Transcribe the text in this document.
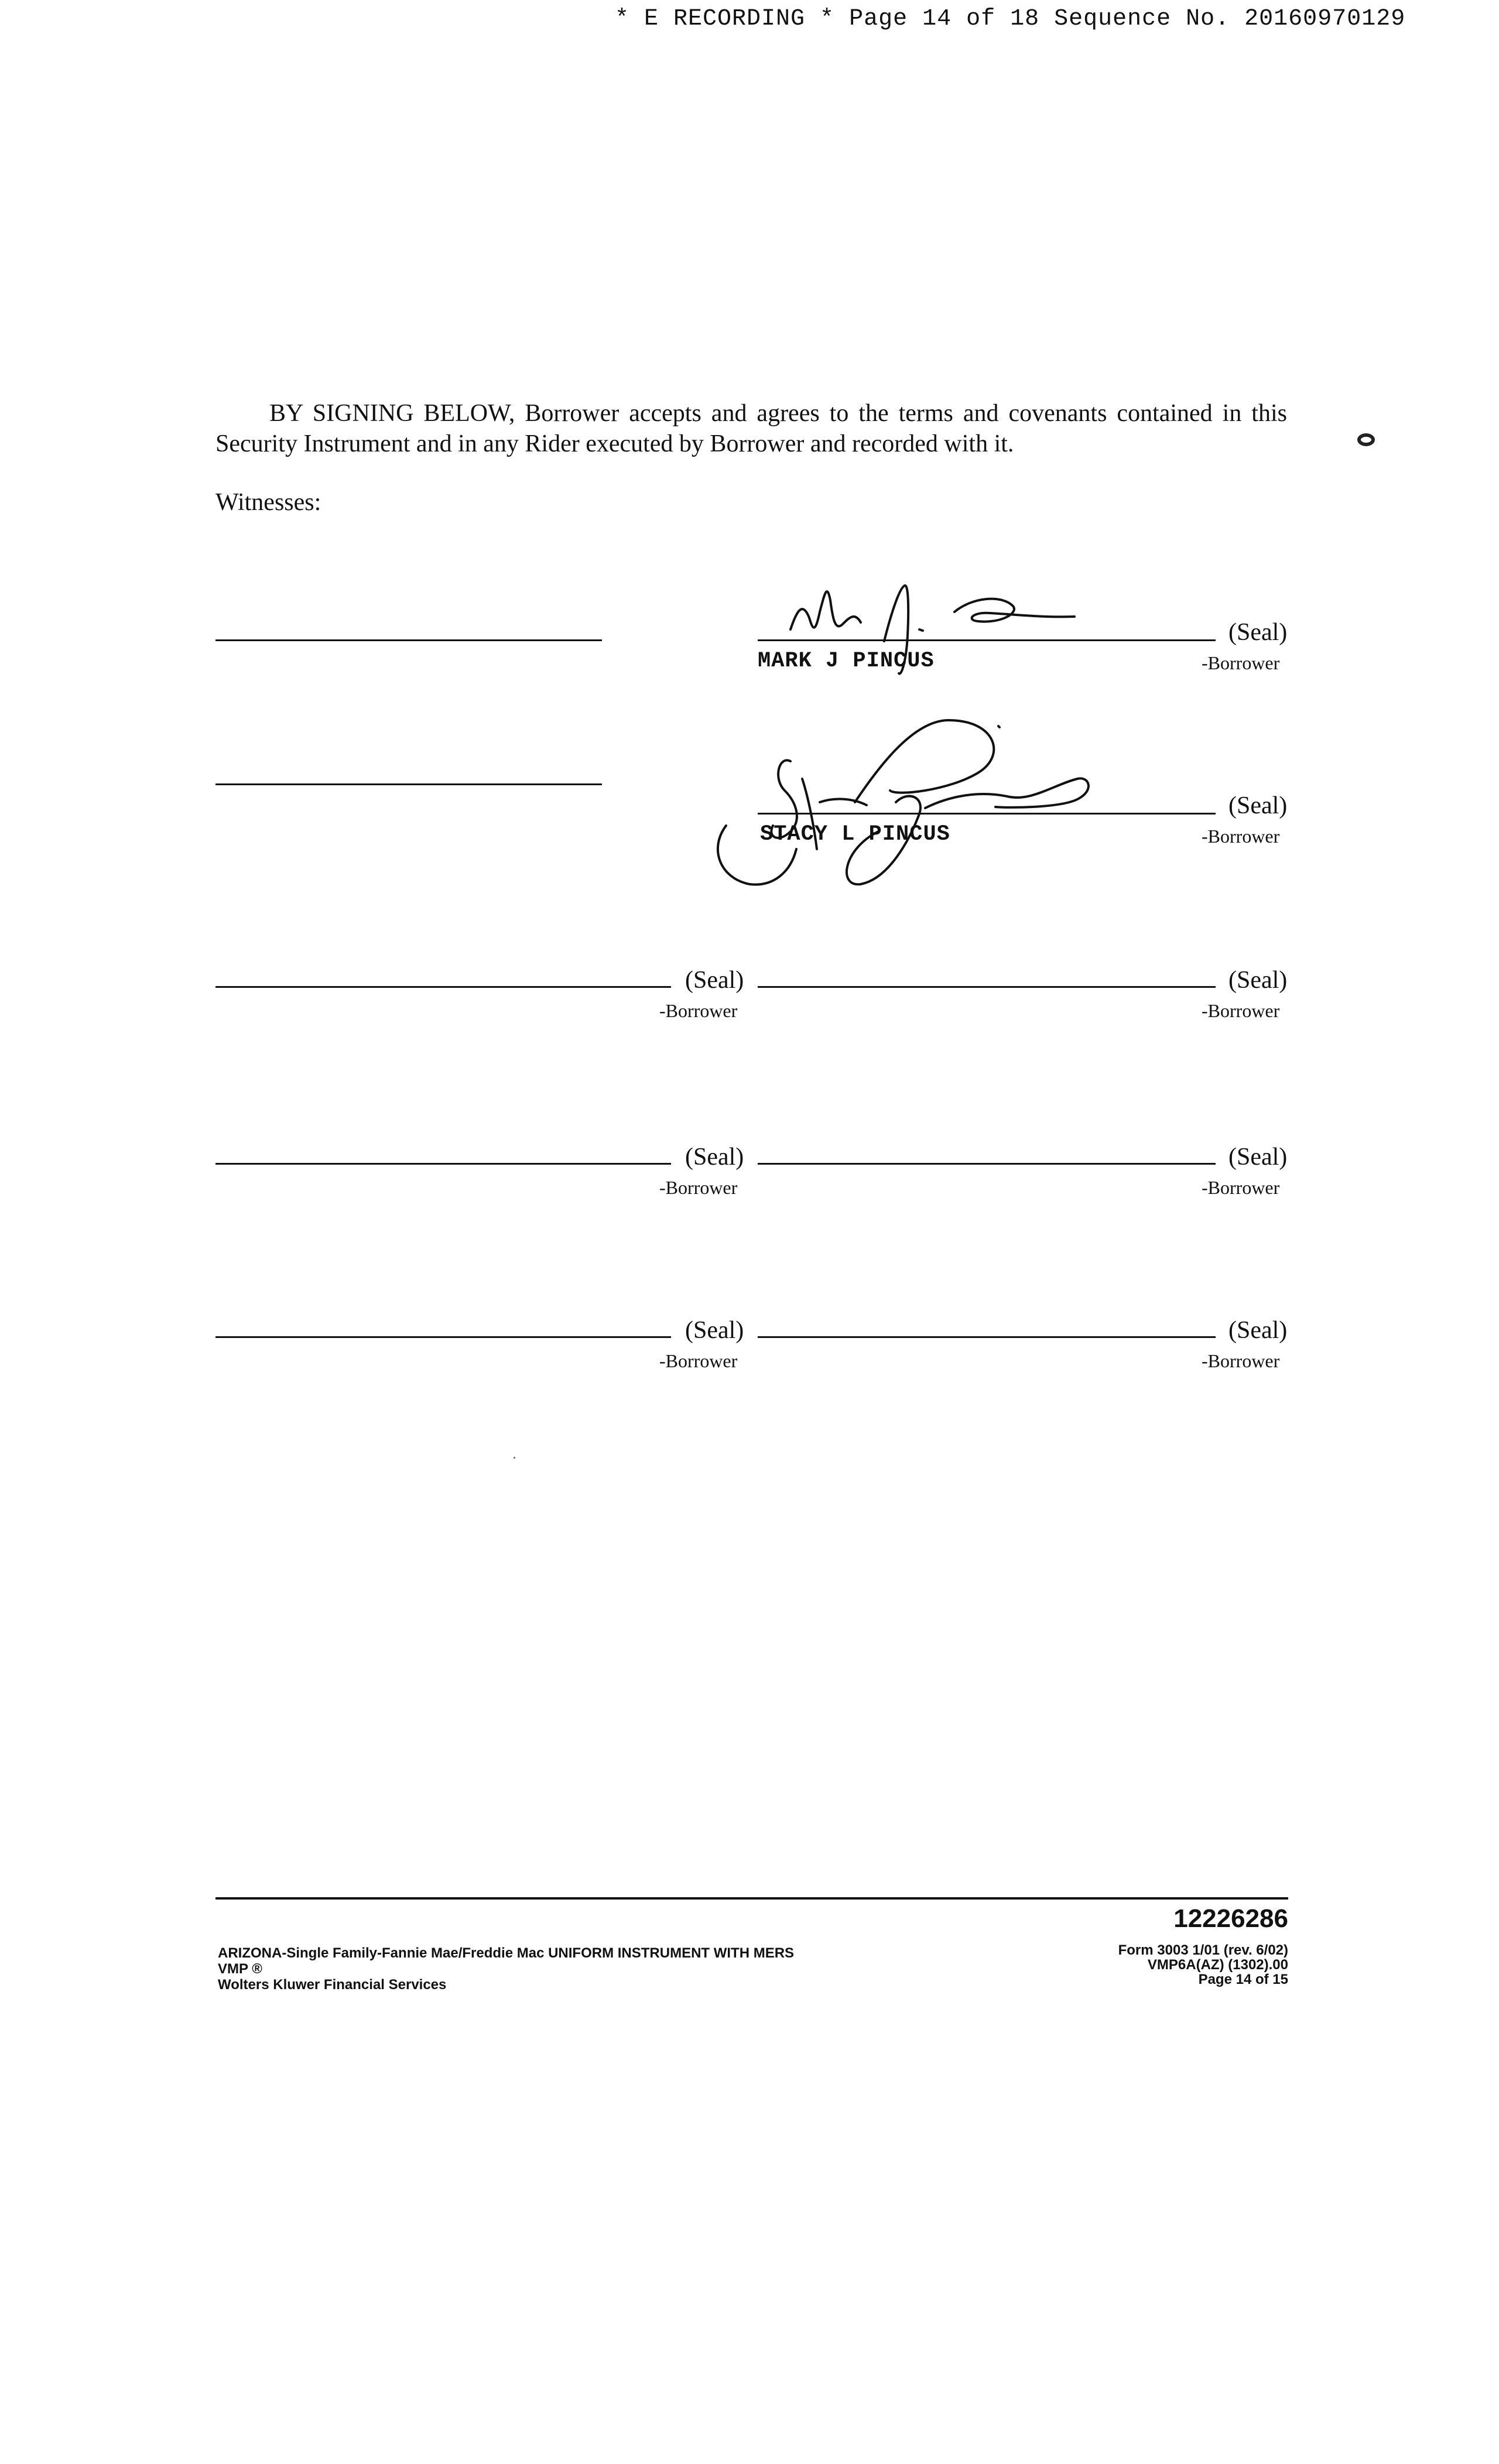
* E RECORDING * Page 14 of 18 Sequence No. 20160970129
BY SIGNING BELOW, Borrower accepts and agrees to the terms and covenants contained in this
Security Instrument and in any Rider executed by Borrower and recorded with it.
Witnesses:
(Seal)
MARK J PINCUS	-Borrower
(Seal)
STACY L PINCUS	-Borrower
(Seal)
-Borrower
(Seal)
-Borrower
(Seal)
-Borrower
(Seal)
-Borrower
(Seal)
-Borrower
(Seal)
-Borrower
12226286
ARIZONA-Single Family-Fannie Mae/Freddie Mac UNIFORM INSTRUMENT WITH MERS
VMP ®
Wolters Kluwer Financial Services
Form 3003 1/01 (rev. 6/02)
VMP6A(AZ) (1302).00
Page 14 of 15
